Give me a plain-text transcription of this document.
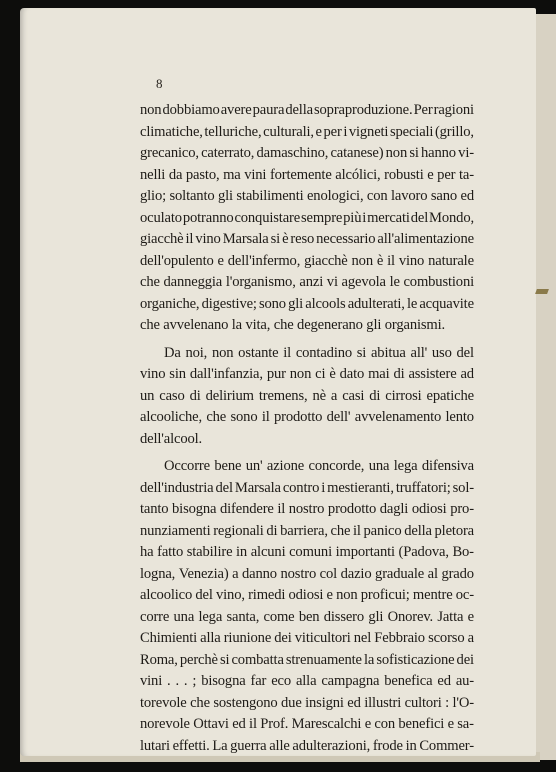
8
non dobbiamo avere paura della sopraproduzione. Per ragioni
climatiche, telluriche, culturali, e per i vigneti speciali (grillo,
grecanico, caterrato, damaschino, catanese) non si hanno vi-
nelli da pasto, ma vini fortemente alcólici, robusti e per ta-
glio; soltanto gli stabilimenti enologici, con lavoro sano ed
oculato potranno conquistare sempre più i mercati del Mondo,
giacchè il vino Marsala si è reso necessario all'alimentazione
dell'opulento e dell'infermo, giacchè non è il vino naturale
che danneggia l'organismo, anzi vi agevola le combustioni
organiche, digestive; sono gli alcools adulterati, le acquavite
che avvelenano la vita, che degenerano gli organismi.
Da noi, non ostante il contadino si abitua all' uso del
vino sin dall'infanzia, pur non ci è dato mai di assistere ad
un caso di delirium tremens, nè a casi di cirrosi epatiche
alcooliche, che sono il prodotto dell' avvelenamento lento
dell'alcool.
Occorre bene un' azione concorde, una lega difensiva
dell'industria del Marsala contro i mestieranti, truffatori; sol-
tanto bisogna difendere il nostro prodotto dagli odiosi pro-
nunziamenti regionali di barriera, che il panico della pletora
ha fatto stabilire in alcuni comuni importanti (Padova, Bo-
logna, Venezia) a danno nostro col dazio graduale al grado
alcoolico del vino, rimedi odiosi e non proficui; mentre oc-
corre una lega santa, come ben dissero gli Onorev. Jatta e
Chimienti alla riunione dei viticultori nel Febbraio scorso a
Roma, perchè si combatta strenuamente la sofisticazione dei
vini . . . ; bisogna far eco alla campagna benefica ed au-
torevole che sostengono due insigni ed illustri cultori : l'O-
norevole Ottavi ed il Prof. Marescalchi e con benefici e sa-
lutari effetti. La guerra alle adulterazioni, frode in Commer-
